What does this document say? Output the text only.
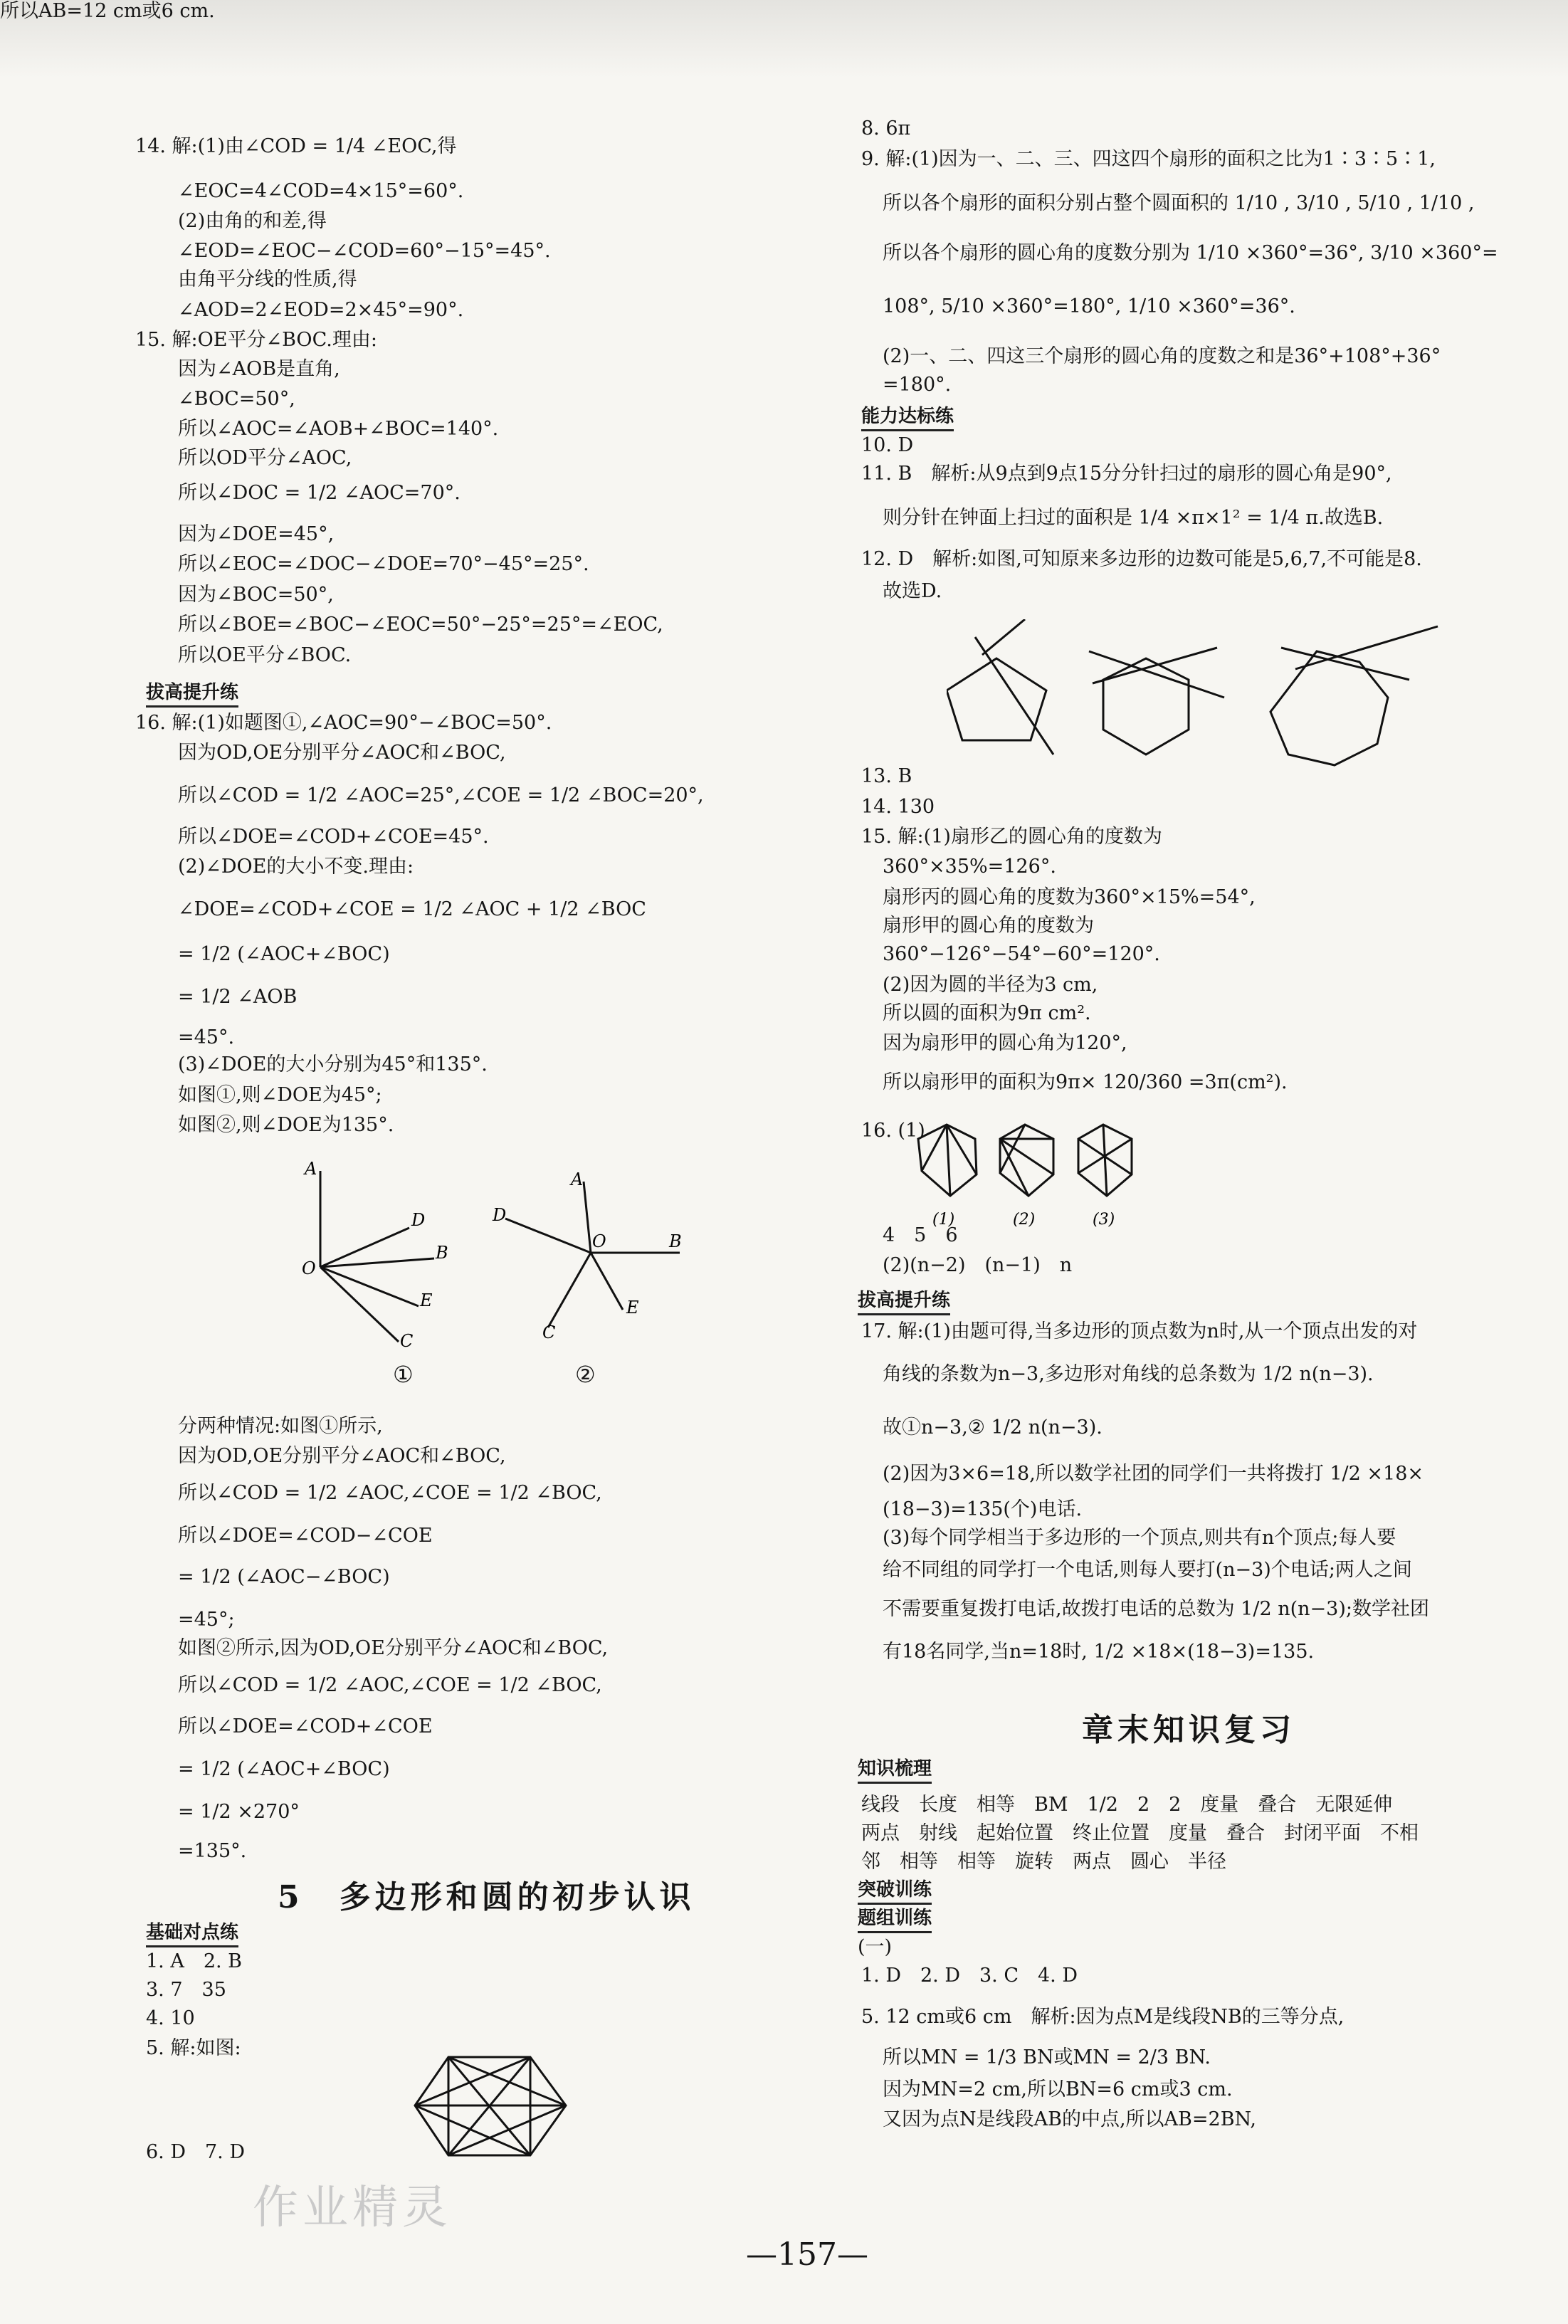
14. 解:(1)由∠COD = 1/4 ∠EOC,得
∠EOC=4∠COD=4×15°=60°.
(2)由角的和差,得
∠EOD=∠EOC−∠COD=60°−15°=45°.
由角平分线的性质,得
∠AOD=2∠EOD=2×45°=90°.
15. 解:OE平分∠BOC.理由:
因为∠AOB是直角,
∠BOC=50°,
所以∠AOC=∠AOB+∠BOC=140°.
所以OD平分∠AOC,
所以∠DOC = 1/2 ∠AOC=70°.
因为∠DOE=45°,
所以∠EOC=∠DOC−∠DOE=70°−45°=25°.
因为∠BOC=50°,
所以∠BOE=∠BOC−∠EOC=50°−25°=25°=∠EOC,
所以OE平分∠BOC.
拔高提升练
16. 解:(1)如题图①,∠AOC=90°−∠BOC=50°.
因为OD,OE分别平分∠AOC和∠BOC,
所以∠COD = 1/2 ∠AOC=25°,∠COE = 1/2 ∠BOC=20°,
所以∠DOE=∠COD+∠COE=45°.
(2)∠DOE的大小不变.理由:
∠DOE=∠COD+∠COE = 1/2 ∠AOC + 1/2 ∠BOC
= 1/2 (∠AOC+∠BOC)
= 1/2 ∠AOB
=45°.
(3)∠DOE的大小分别为45°和135°.
如图①,则∠DOE为45°;
如图②,则∠DOE为135°.
分两种情况:如图①所示,
因为OD,OE分别平分∠AOC和∠BOC,
所以∠COD = 1/2 ∠AOC,∠COE = 1/2 ∠BOC,
所以∠DOE=∠COD−∠COE
= 1/2 (∠AOC−∠BOC)
=45°;
如图②所示,因为OD,OE分别平分∠AOC和∠BOC,
所以∠COD = 1/2 ∠AOC,∠COE = 1/2 ∠BOC,
所以∠DOE=∠COD+∠COE
= 1/2 (∠AOC+∠BOC)
= 1/2 ×270°
=135°.
5　多边形和圆的初步认识
基础对点练
1. A　2. B
3. 7　35
4. 10
5. 解:如图:
6. D　7. D
8. 6π
9. 解:(1)因为一、二、三、四这四个扇形的面积之比为1∶3∶5∶1,
所以各个扇形的面积分别占整个圆面积的 1/10 , 3/10 , 5/10 , 1/10 ,
所以各个扇形的圆心角的度数分别为 1/10 ×360°=36°, 3/10 ×360°=
108°, 5/10 ×360°=180°, 1/10 ×360°=36°.
(2)一、二、四这三个扇形的圆心角的度数之和是36°+108°+36°
=180°.
能力达标练
10. D
11. B　解析:从9点到9点15分分针扫过的扇形的圆心角是90°,
则分针在钟面上扫过的面积是 1/4 ×π×1² = 1/4 π.故选B.
12. D　解析:如图,可知原来多边形的边数可能是5,6,7,不可能是8.
故选D.
13. B
14. 130
15. 解:(1)扇形乙的圆心角的度数为
360°×35%=126°.
扇形丙的圆心角的度数为360°×15%=54°,
扇形甲的圆心角的度数为
360°−126°−54°−60°=120°.
(2)因为圆的半径为3 cm,
所以圆的面积为9π cm².
因为扇形甲的圆心角为120°,
所以扇形甲的面积为9π× 120/360 =3π(cm²).
16. (1)
4　5　6
(2)(n−2)　(n−1)　n
拔高提升练
17. 解:(1)由题可得,当多边形的顶点数为n时,从一个顶点出发的对
角线的条数为n−3,多边形对角线的总条数为 1/2 n(n−3).
故①n−3,② 1/2 n(n−3).
(2)因为3×6=18,所以数学社团的同学们一共将拨打 1/2 ×18×
(18−3)=135(个)电话.
(3)每个同学相当于多边形的一个顶点,则共有n个顶点;每人要
给不同组的同学打一个电话,则每人要打(n−3)个电话;两人之间
不需要重复拨打电话,故拨打电话的总数为 1/2 n(n−3);数学社团
有18名同学,当n=18时, 1/2 ×18×(18−3)=135.
章末知识复习
知识梳理
线段　长度　相等　BM　1/2　2　2　度量　叠合　无限延伸
两点　射线　起始位置　终止位置　度量　叠合　封闭平面　不相
邻　相等　相等　旋转　两点　圆心　半径
突破训练
题组训练
(一)
1. D　2. D　3. C　4. D
5. 12 cm或6 cm　解析:因为点M是线段NB的三等分点,
所以MN = 1/3 BN或MN = 2/3 BN.
因为MN=2 cm,所以BN=6 cm或3 cm.
又因为点N是线段AB的中点,所以AB=2BN,
所以AB=12 cm或6 cm.
A
D
B
O
E
C
①
A
D
O	B
C
E
②
(1)	(2)	(3)
—157—
作业精灵
